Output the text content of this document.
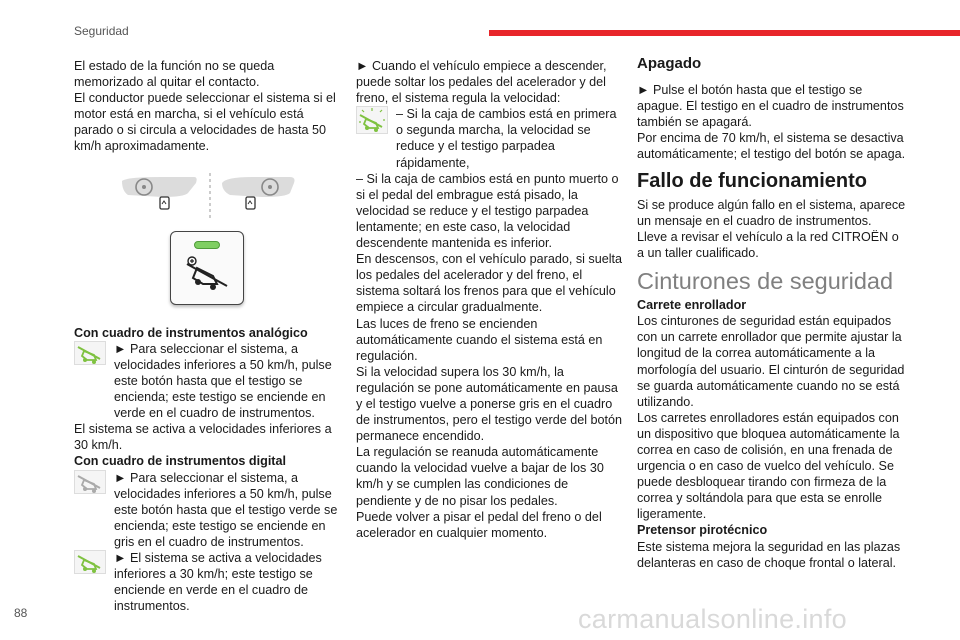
Seguridad

El estado de la función no se queda memorizado al quitar el contacto.

El conductor puede seleccionar el sistema si el motor está en marcha, si el vehículo está parado o si circula a velocidades de hasta 50 km/h aproximadamente.

Con cuadro de instrumentos analógico

► Para seleccionar el sistema, a velocidades inferiores a 50 km/h, pulse este botón hasta que el testigo se encienda; este testigo se enciende en verde en el cuadro de instrumentos.

El sistema se activa a velocidades inferiores a 30 km/h.

Con cuadro de instrumentos digital

► Para seleccionar el sistema, a velocidades inferiores a 50 km/h, pulse este botón hasta que el testigo verde se encienda; este testigo se enciende en gris en el cuadro de instrumentos.

► El sistema se activa a velocidades inferiores a 30 km/h; este testigo se enciende en verde en el cuadro de instrumentos.

► Cuando el vehículo empiece a descender, puede soltar los pedales del acelerador y del freno, el sistema regula la velocidad:

– Si la caja de cambios está en primera o segunda marcha, la velocidad se reduce y el testigo parpadea rápidamente,

– Si la caja de cambios está en punto muerto o si el pedal del embrague está pisado, la velocidad se reduce y el testigo parpadea lentamente; en este caso, la velocidad descendente mantenida es inferior.

En descensos, con el vehículo parado, si suelta los pedales del acelerador y del freno, el sistema soltará los frenos para que el vehículo empiece a circular gradualmente.

Las luces de freno se encienden automáticamente cuando el sistema está en regulación.

Si la velocidad supera los 30 km/h, la regulación se pone automáticamente en pausa y el testigo vuelve a ponerse gris en el cuadro de instrumentos, pero el testigo verde del botón permanece encendido.

La regulación se reanuda automáticamente cuando la velocidad vuelve a bajar de los 30 km/h y se cumplen las condiciones de pendiente y de no pisar los pedales.

Puede volver a pisar el pedal del freno o del acelerador en cualquier momento.

Apagado

► Pulse el botón hasta que el testigo se apague. El testigo en el cuadro de instrumentos también se apagará.

Por encima de 70 km/h, el sistema se desactiva automáticamente; el testigo del botón se apaga.

Fallo de funcionamiento

Si se produce algún fallo en el sistema, aparece un mensaje en el cuadro de instrumentos.

Lleve a revisar el vehículo a la red CITROËN o a un taller cualificado.

Cinturones de seguridad

Carrete enrollador

Los cinturones de seguridad están equipados con un carrete enrollador que permite ajustar la longitud de la correa automáticamente a la morfología del usuario. El cinturón de seguridad se guarda automáticamente cuando no se está utilizando.

Los carretes enrolladores están equipados con un dispositivo que bloquea automáticamente la correa en caso de colisión, en una frenada de urgencia o en caso de vuelco del vehículo. Se puede desbloquear tirando con firmeza de la correa y soltándola para que esta se enrolle ligeramente.

Pretensor pirotécnico

Este sistema mejora la seguridad en las plazas delanteras en caso de choque frontal o lateral.

88	carmanualsonline.info
